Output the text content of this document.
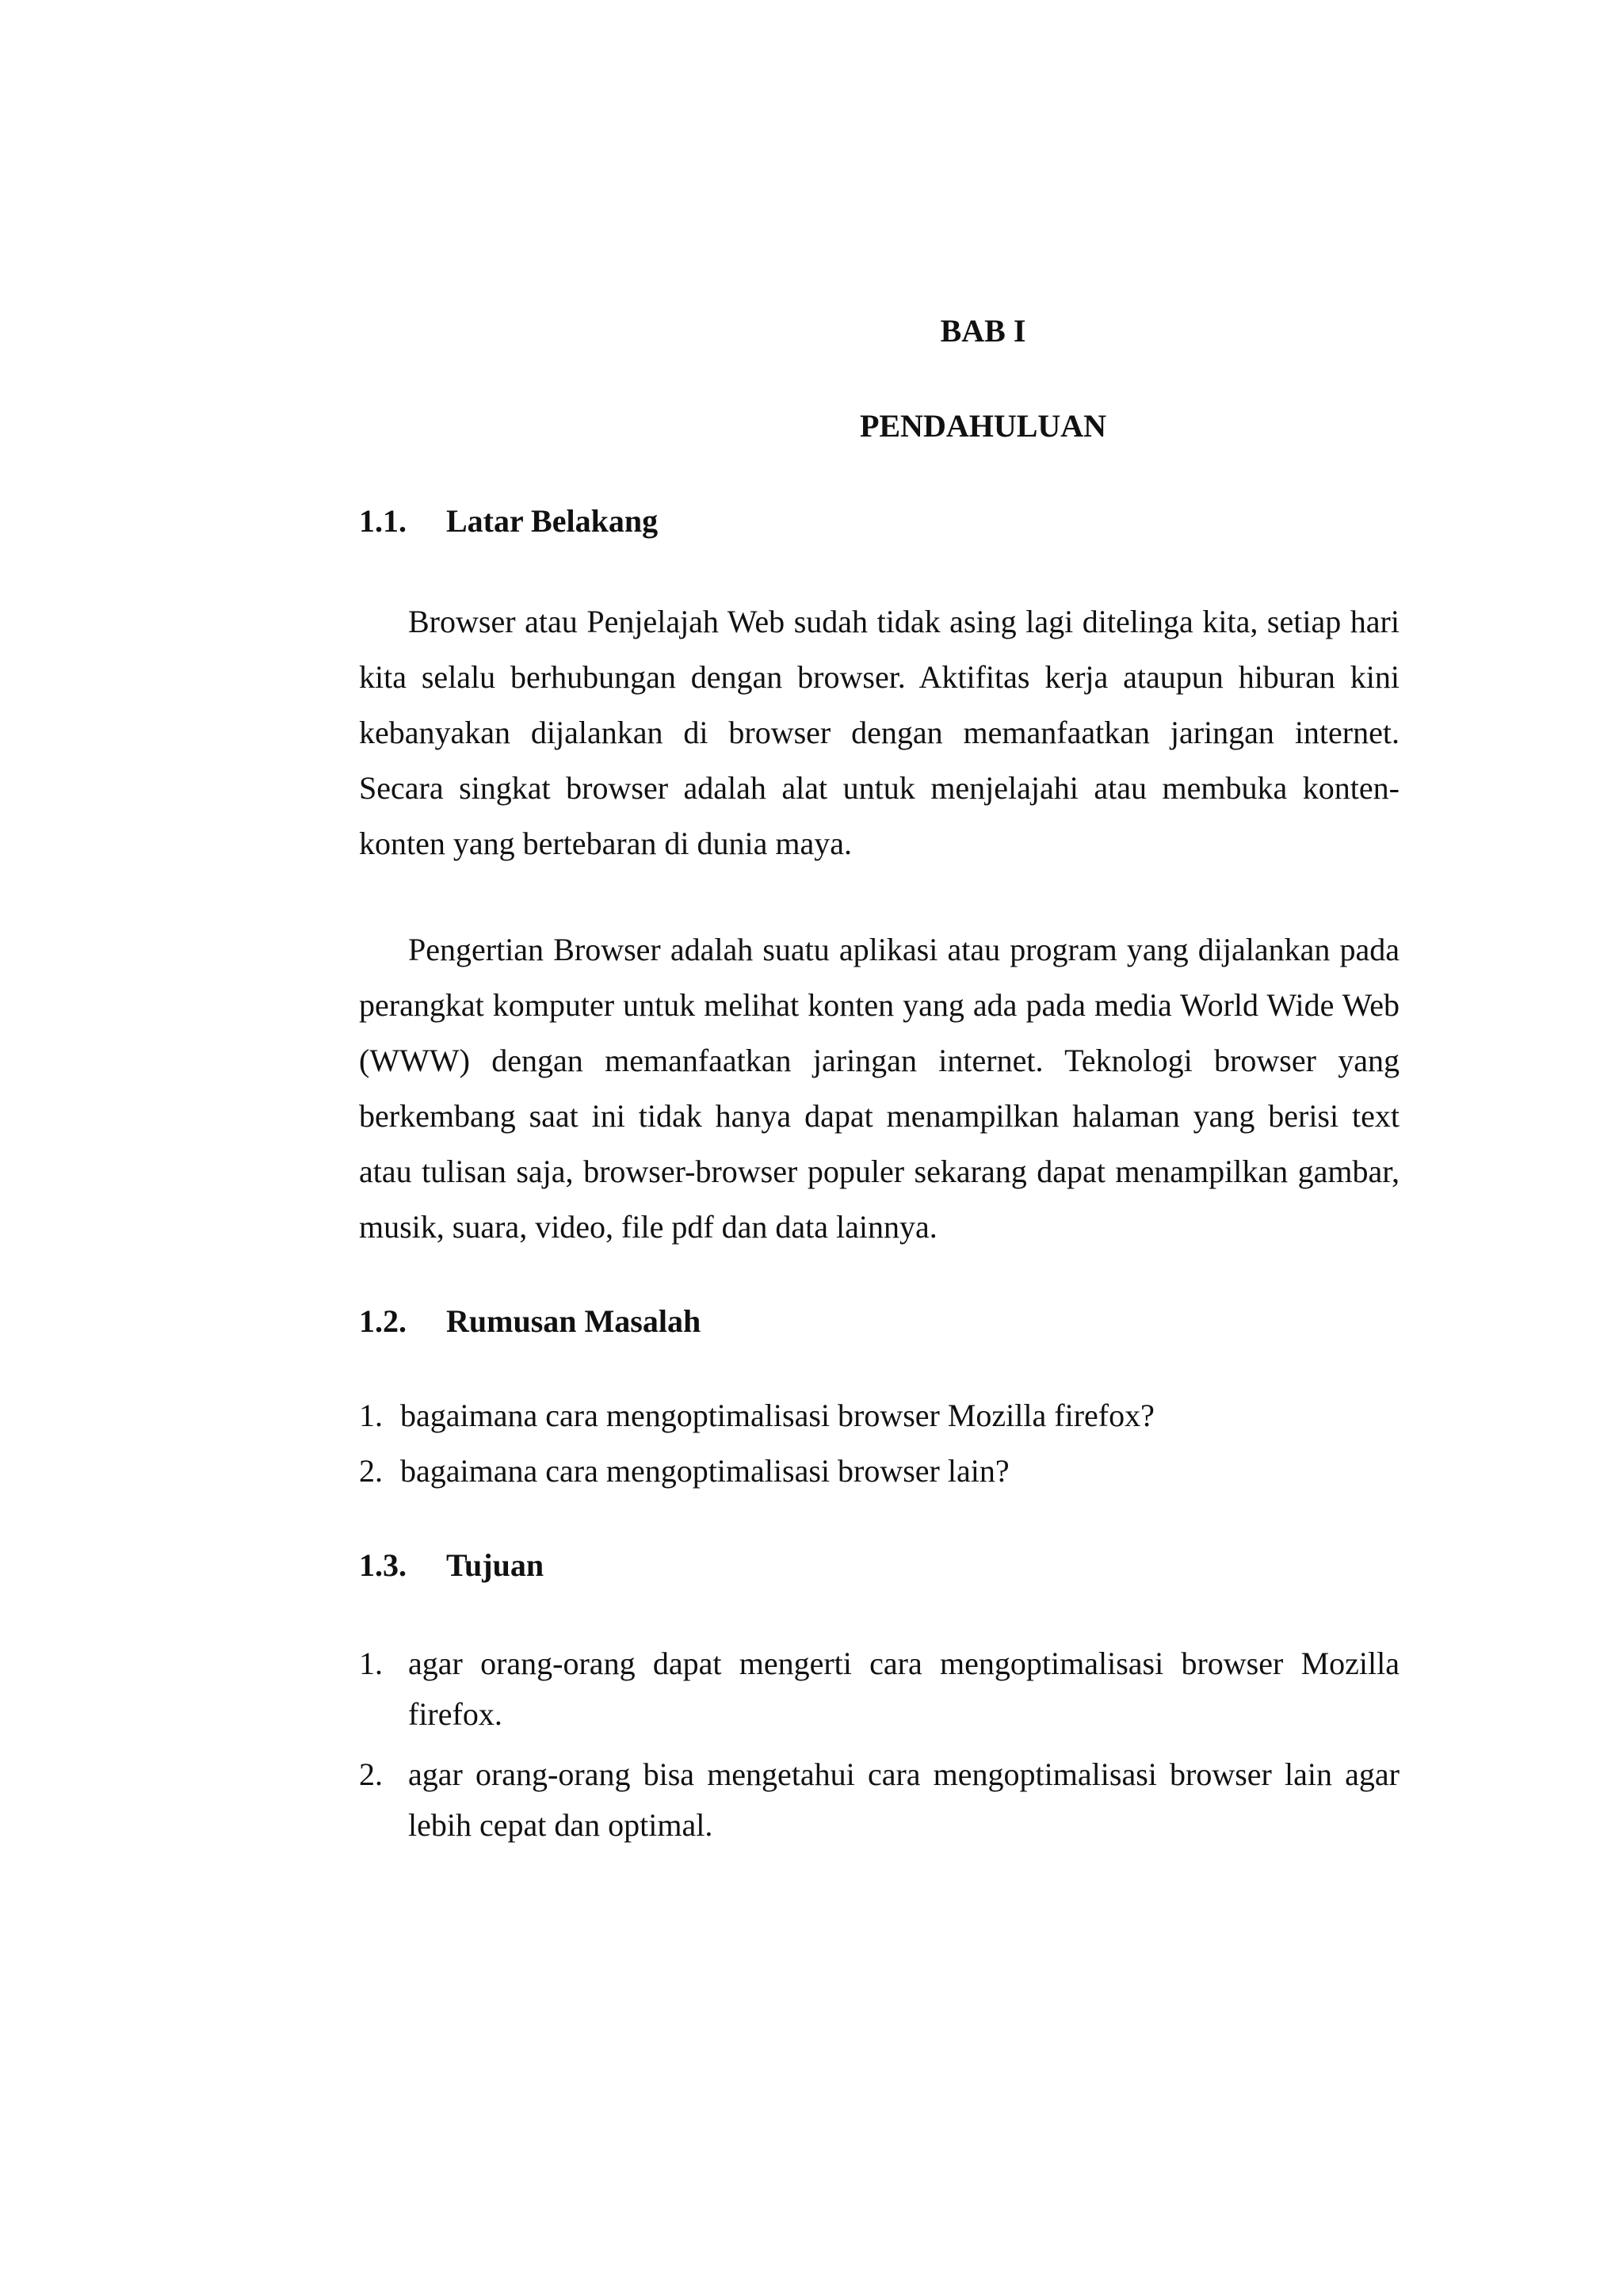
BAB I
PENDAHULUAN
1.1.	Latar Belakang

Browser atau Penjelajah Web sudah tidak asing lagi ditelinga kita, setiap hari kita selalu berhubungan dengan browser. Aktifitas kerja ataupun hiburan kini kebanyakan dijalankan di browser dengan memanfaatkan jaringan internet. Secara singkat browser adalah alat untuk menjelajahi atau membuka konten-konten yang bertebaran di dunia maya.

Pengertian Browser adalah suatu aplikasi atau program yang dijalankan pada perangkat komputer untuk melihat konten yang ada pada media World Wide Web (WWW) dengan memanfaatkan jaringan internet. Teknologi browser yang berkembang saat ini tidak hanya dapat menampilkan halaman yang berisi text atau tulisan saja, browser-browser populer sekarang dapat menampilkan gambar, musik, suara, video, file pdf dan data lainnya.

1.2.	Rumusan Masalah
1. bagaimana cara mengoptimalisasi browser Mozilla firefox?
2. bagaimana cara mengoptimalisasi browser lain?
1.3.	Tujuan
1. agar orang-orang dapat mengerti cara mengoptimalisasi browser Mozilla firefox.
2. agar orang-orang bisa mengetahui cara mengoptimalisasi browser lain agar lebih cepat dan optimal.
